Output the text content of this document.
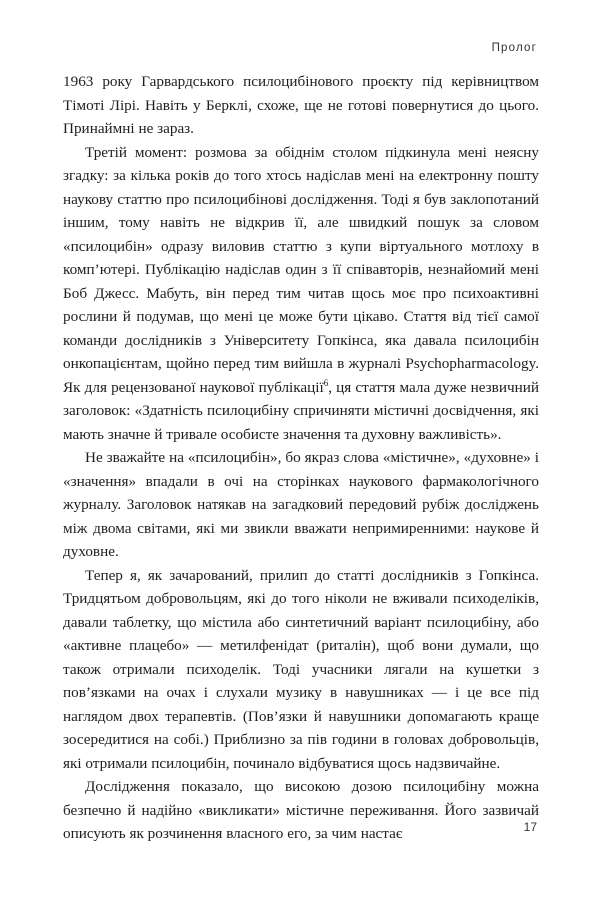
Пролог

1963 року Гарвардського псилоцибінового проєкту під керівництвом Тімоті Лірі. Навіть у Берклі, схоже, ще не готові повернутися до цього. Принаймні не зараз.

Третій момент: розмова за обіднім столом підкинула мені неясну згадку: за кілька років до того хтось надіслав мені на електронну пошту наукову статтю про псилоцибінові дослідження. Тоді я був заклопотаний іншим, тому навіть не відкрив її, але швидкий пошук за словом «псилоцибін» одразу виловив статтю з купи віртуального мотлоху в комп’ютері. Публікацію надіслав один з її співавторів, незнайомий мені Боб Джесс. Мабуть, він перед тим читав щось моє про психоактивні рослини й подумав, що мені це може бути цікаво. Стаття від тієї самої команди дослідників з Університету Гопкінса, яка давала псилоцибін онкопацієнтам, щойно перед тим вийшла в журналі Psychopharmacology. Як для рецензованої наукової публікації$^6$, ця стаття мала дуже незвичний заголовок: «Здатність псилоцибіну спричиняти містичні досвідчення, які мають значне й тривале особисте значення та духовну важливість».

Не зважайте на «псилоцибін», бо якраз слова «містичне», «духовне» і «значення» впадали в очі на сторінках наукового фармакологічного журналу. Заголовок натякав на загадковий передовий рубіж досліджень між двома світами, які ми звикли вважати непримиренними: наукове й духовне.

Тепер я, як зачарований, прилип до статті дослідників з Гопкінса. Тридцятьом добровольцям, які до того ніколи не вживали психоделіків, давали таблетку, що містила або синтетичний варіант псилоцибіну, або «активне плацебо» — метилфенідат (риталін), щоб вони думали, що також отримали психоделік. Тоді учасники лягали на кушетки з пов’язками на очах і слухали музику в навушниках — і це все під наглядом двох терапевтів. (Пов’язки й навушники допомагають краще зосередитися на собі.) Приблизно за пів години в головах добровольців, які отримали псилоцибін, починало відбуватися щось надзвичайне.

Дослідження показало, що високою дозою псилоцибіну можна безпечно й надійно «викликати» містичне переживання. Його зазвичай описують як розчинення власного его, за чим настає	17
